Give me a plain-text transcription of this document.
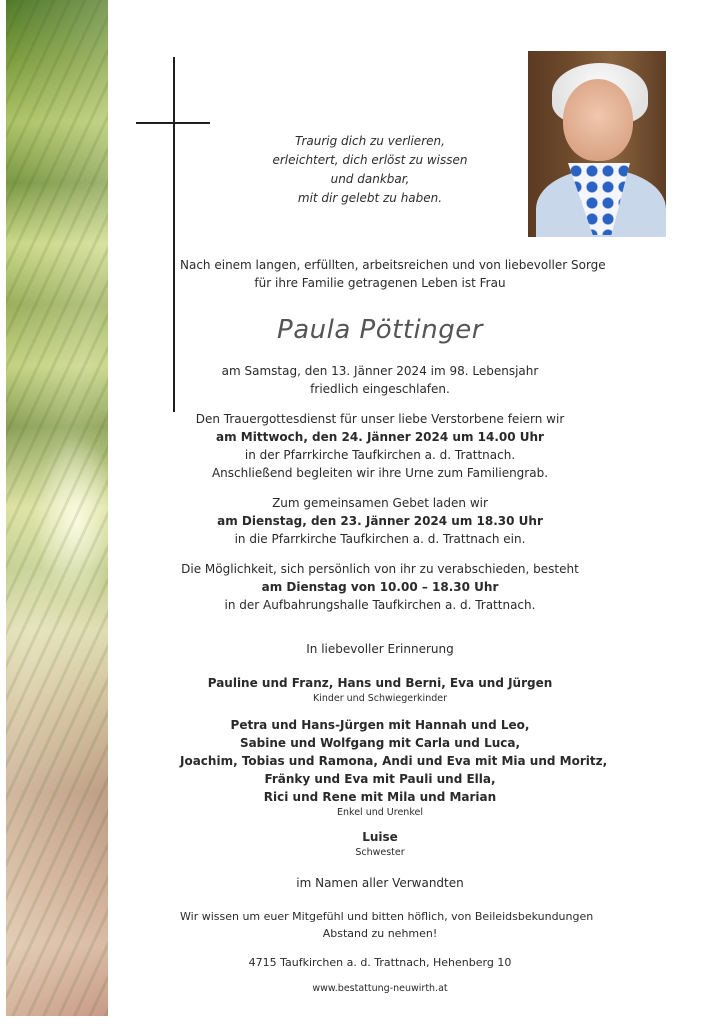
Traurig dich zu verlieren,
erleichtert, dich erlöst zu wissen
und dankbar,
mit dir gelebt zu haben.
Nach einem langen, erfüllten, arbeitsreichen und von liebevoller Sorge
für ihre Familie getragenen Leben ist Frau
Paula Pöttinger
am Samstag, den 13. Jänner 2024 im 98. Lebensjahr
friedlich eingeschlafen.
Den Trauergottesdienst für unser liebe Verstorbene feiern wir
am Mittwoch, den 24. Jänner 2024 um 14.00 Uhr
in der Pfarrkirche Taufkirchen a. d. Trattnach.
Anschließend begleiten wir ihre Urne zum Familiengrab.
Zum gemeinsamen Gebet laden wir
am Dienstag, den 23. Jänner 2024 um 18.30 Uhr
in die Pfarrkirche Taufkirchen a. d. Trattnach ein.
Die Möglichkeit, sich persönlich von ihr zu verabschieden, besteht
am Dienstag von 10.00 – 18.30 Uhr
in der Aufbahrungshalle Taufkirchen a. d. Trattnach.
In liebevoller Erinnerung
Pauline und Franz, Hans und Berni, Eva und Jürgen
Kinder und Schwiegerkinder
Petra und Hans-Jürgen mit Hannah und Leo,
Sabine und Wolfgang mit Carla und Luca,
Joachim, Tobias und Ramona, Andi und Eva mit Mia und Moritz,
Fränky und Eva mit Pauli und Ella,
Rici und Rene mit Mila und Marian
Enkel und Urenkel
Luise
Schwester
im Namen aller Verwandten
Wir wissen um euer Mitgefühl und bitten höflich, von Beileidsbekundungen
Abstand zu nehmen!
4715 Taufkirchen a. d. Trattnach, Hehenberg 10
www.bestattung-neuwirth.at
